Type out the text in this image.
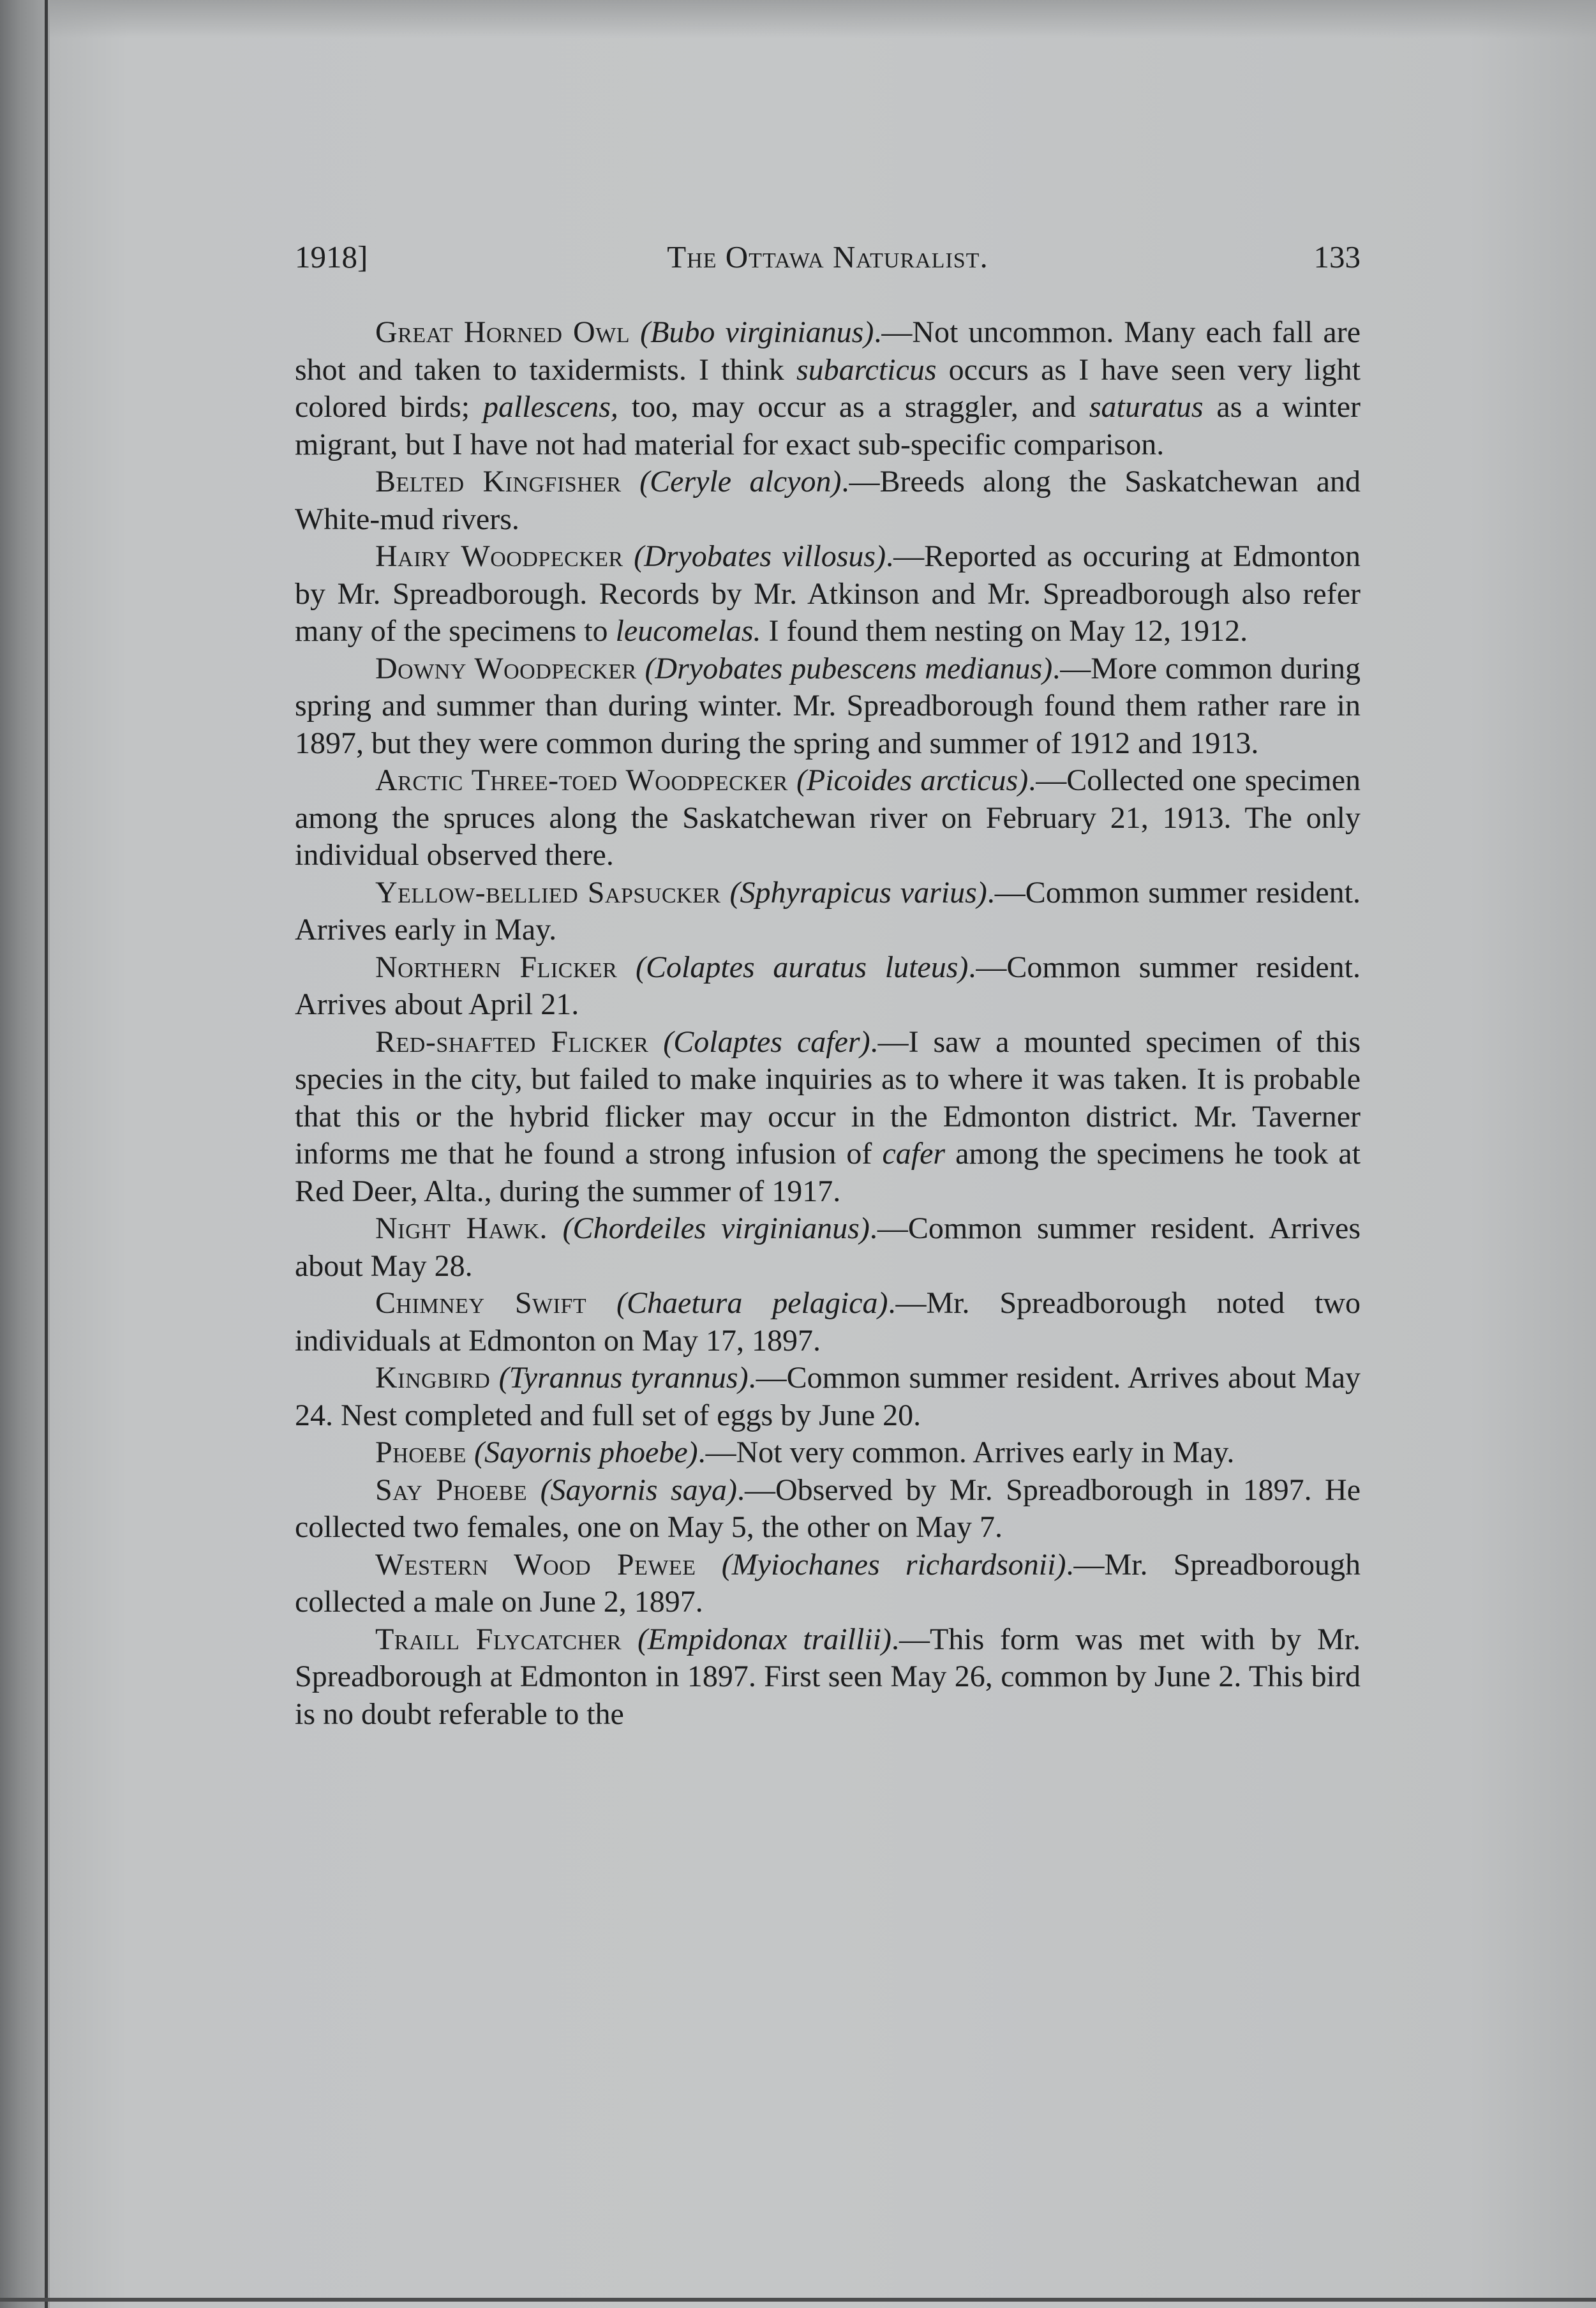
1918]	The Ottawa Naturalist.	133

Great Horned Owl (Bubo virginianus).—Not uncommon. Many each fall are shot and taken to taxidermists. I think subarcticus occurs as I have seen very light colored birds; pallescens, too, may occur as a straggler, and saturatus as a winter migrant, but I have not had material for exact sub-specific comparison.

Belted Kingfisher (Ceryle alcyon).—Breeds along the Saskatchewan and White-mud rivers.

Hairy Woodpecker (Dryobates villosus).—Reported as occuring at Edmonton by Mr. Spreadborough. Records by Mr. Atkinson and Mr. Spreadborough also refer many of the specimens to leucomelas. I found them nesting on May 12, 1912.

Downy Woodpecker (Dryobates pubescens medianus).—More common during spring and summer than during winter. Mr. Spreadborough found them rather rare in 1897, but they were common during the spring and summer of 1912 and 1913.

Arctic Three-toed Woodpecker (Picoides arcticus).—Collected one specimen among the spruces along the Saskatchewan river on February 21, 1913. The only individual observed there.

Yellow-bellied Sapsucker (Sphyrapicus varius).—Common summer resident. Arrives early in May.

Northern Flicker (Colaptes auratus luteus).—Common summer resident. Arrives about April 21.

Red-shafted Flicker (Colaptes cafer).—I saw a mounted specimen of this species in the city, but failed to make inquiries as to where it was taken. It is probable that this or the hybrid flicker may occur in the Edmonton district. Mr. Taverner informs me that he found a strong infusion of cafer among the specimens he took at Red Deer, Alta., during the summer of 1917.

Night Hawk. (Chordeiles virginianus).—Common summer resident. Arrives about May 28.

Chimney Swift (Chaetura pelagica).—Mr. Spreadborough noted two individuals at Edmonton on May 17, 1897.

Kingbird (Tyrannus tyrannus).—Common summer resident. Arrives about May 24. Nest completed and full set of eggs by June 20.

Phoebe (Sayornis phoebe).—Not very common. Arrives early in May.

Say Phoebe (Sayornis saya).—Observed by Mr. Spreadborough in 1897. He collected two females, one on May 5, the other on May 7.

Western Wood Pewee (Myiochanes richardsonii).—Mr. Spreadborough collected a male on June 2, 1897.

Traill Flycatcher (Empidonax traillii).—This form was met with by Mr. Spreadborough at Edmonton in 1897. First seen May 26, common by June 2. This bird is no doubt referable to the
